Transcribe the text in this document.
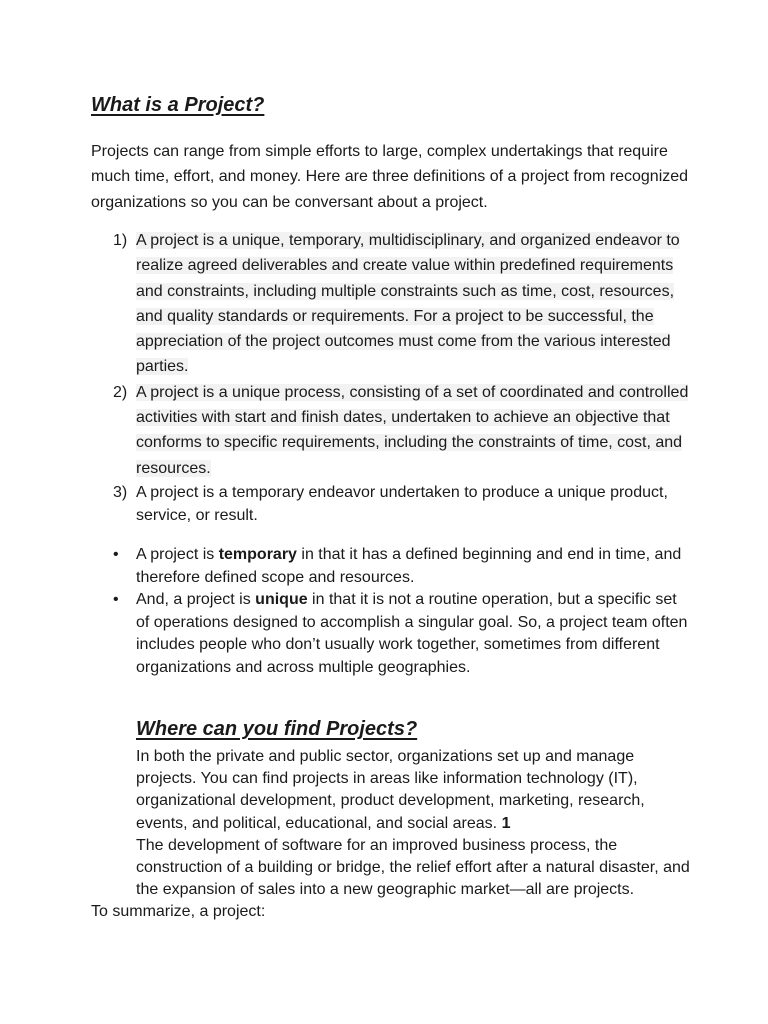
What is a Project?

Projects can range from simple efforts to large, complex undertakings that require much time, effort, and money. Here are three definitions of a project from recognized organizations so you can be conversant about a project.

1) A project is a unique, temporary, multidisciplinary, and organized endeavor to realize agreed deliverables and create value within predefined requirements and constraints, including multiple constraints such as time, cost, resources, and quality standards or requirements. For a project to be successful, the appreciation of the project outcomes must come from the various interested parties.
2) A project is a unique process, consisting of a set of coordinated and controlled activities with start and finish dates, undertaken to achieve an objective that conforms to specific requirements, including the constraints of time, cost, and resources.
3) A project is a temporary endeavor undertaken to produce a unique product, service, or result.
• A project is temporary in that it has a defined beginning and end in time, and therefore defined scope and resources.
• And, a project is unique in that it is not a routine operation, but a specific set of operations designed to accomplish a singular goal. So, a project team often includes people who don’t usually work together, sometimes from different organizations and across multiple geographies.
Where can you find Projects?
In both the private and public sector, organizations set up and manage projects. You can find projects in areas like information technology (IT), organizational development, product development, marketing, research, events, and political, educational, and social areas. 1
The development of software for an improved business process, the construction of a building or bridge, the relief effort after a natural disaster, and the expansion of sales into a new geographic market—all are projects.

To summarize, a project:
